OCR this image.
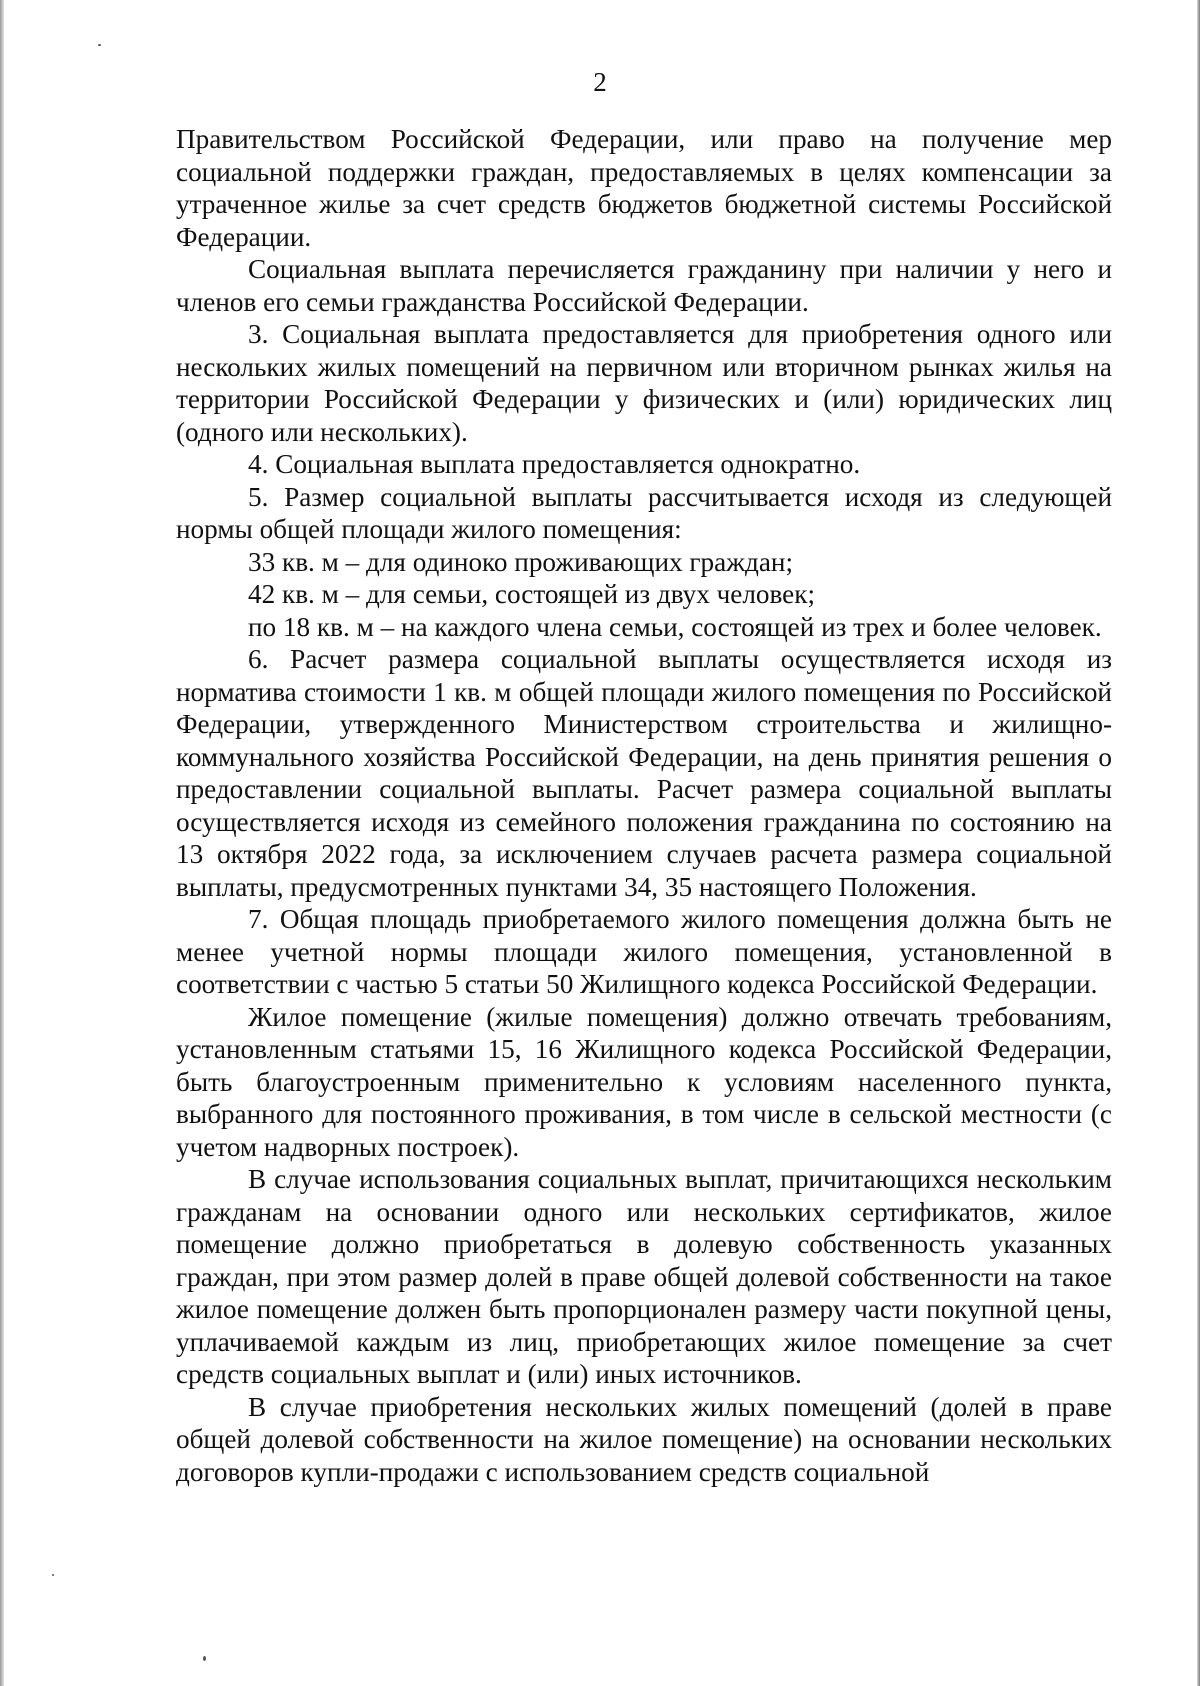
2

Правительством Российской Федерации, или право на получение мер социальной поддержки граждан, предоставляемых в целях компенсации за утраченное жилье за счет средств бюджетов бюджетной системы Российской Федерации.

Социальная выплата перечисляется гражданину при наличии у него и членов его семьи гражданства Российской Федерации.

3. Социальная выплата предоставляется для приобретения одного или нескольких жилых помещений на первичном или вторичном рынках жилья на территории Российской Федерации у физических и (или) юридических лиц (одного или нескольких).

4. Социальная выплата предоставляется однократно.

5. Размер социальной выплаты рассчитывается исходя из следующей нормы общей площади жилого помещения:

33 кв. м – для одиноко проживающих граждан;

42 кв. м – для семьи, состоящей из двух человек;

по 18 кв. м – на каждого члена семьи, состоящей из трех и более человек.

6. Расчет размера социальной выплаты осуществляется исходя из норматива стоимости 1 кв. м общей площади жилого помещения по Российской Федерации, утвержденного Министерством строительства и жилищно-коммунального хозяйства Российской Федерации, на день принятия решения о предоставлении социальной выплаты. Расчет размера социальной выплаты осуществляется исходя из семейного положения гражданина по состоянию на 13 октября 2022 года, за исключением случаев расчета размера социальной выплаты, предусмотренных пунктами 34, 35 настоящего Положения.

7. Общая площадь приобретаемого жилого помещения должна быть не менее учетной нормы площади жилого помещения, установленной в соответствии с частью 5 статьи 50 Жилищного кодекса Российской Федерации.

Жилое помещение (жилые помещения) должно отвечать требованиям, установленным статьями 15, 16 Жилищного кодекса Российской Федерации, быть благоустроенным применительно к условиям населенного пункта, выбранного для постоянного проживания, в том числе в сельской местности (с учетом надворных построек).

В случае использования социальных выплат, причитающихся нескольким гражданам на основании одного или нескольких сертификатов, жилое помещение должно приобретаться в долевую собственность указанных граждан, при этом размер долей в праве общей долевой собственности на такое жилое помещение должен быть пропорционален размеру части покупной цены, уплачиваемой каждым из лиц, приобретающих жилое помещение за счет средств социальных выплат и (или) иных источников.

В случае приобретения нескольких жилых помещений (долей в праве общей долевой собственности на жилое помещение) на основании нескольких договоров купли-продажи с использованием средств социальной
